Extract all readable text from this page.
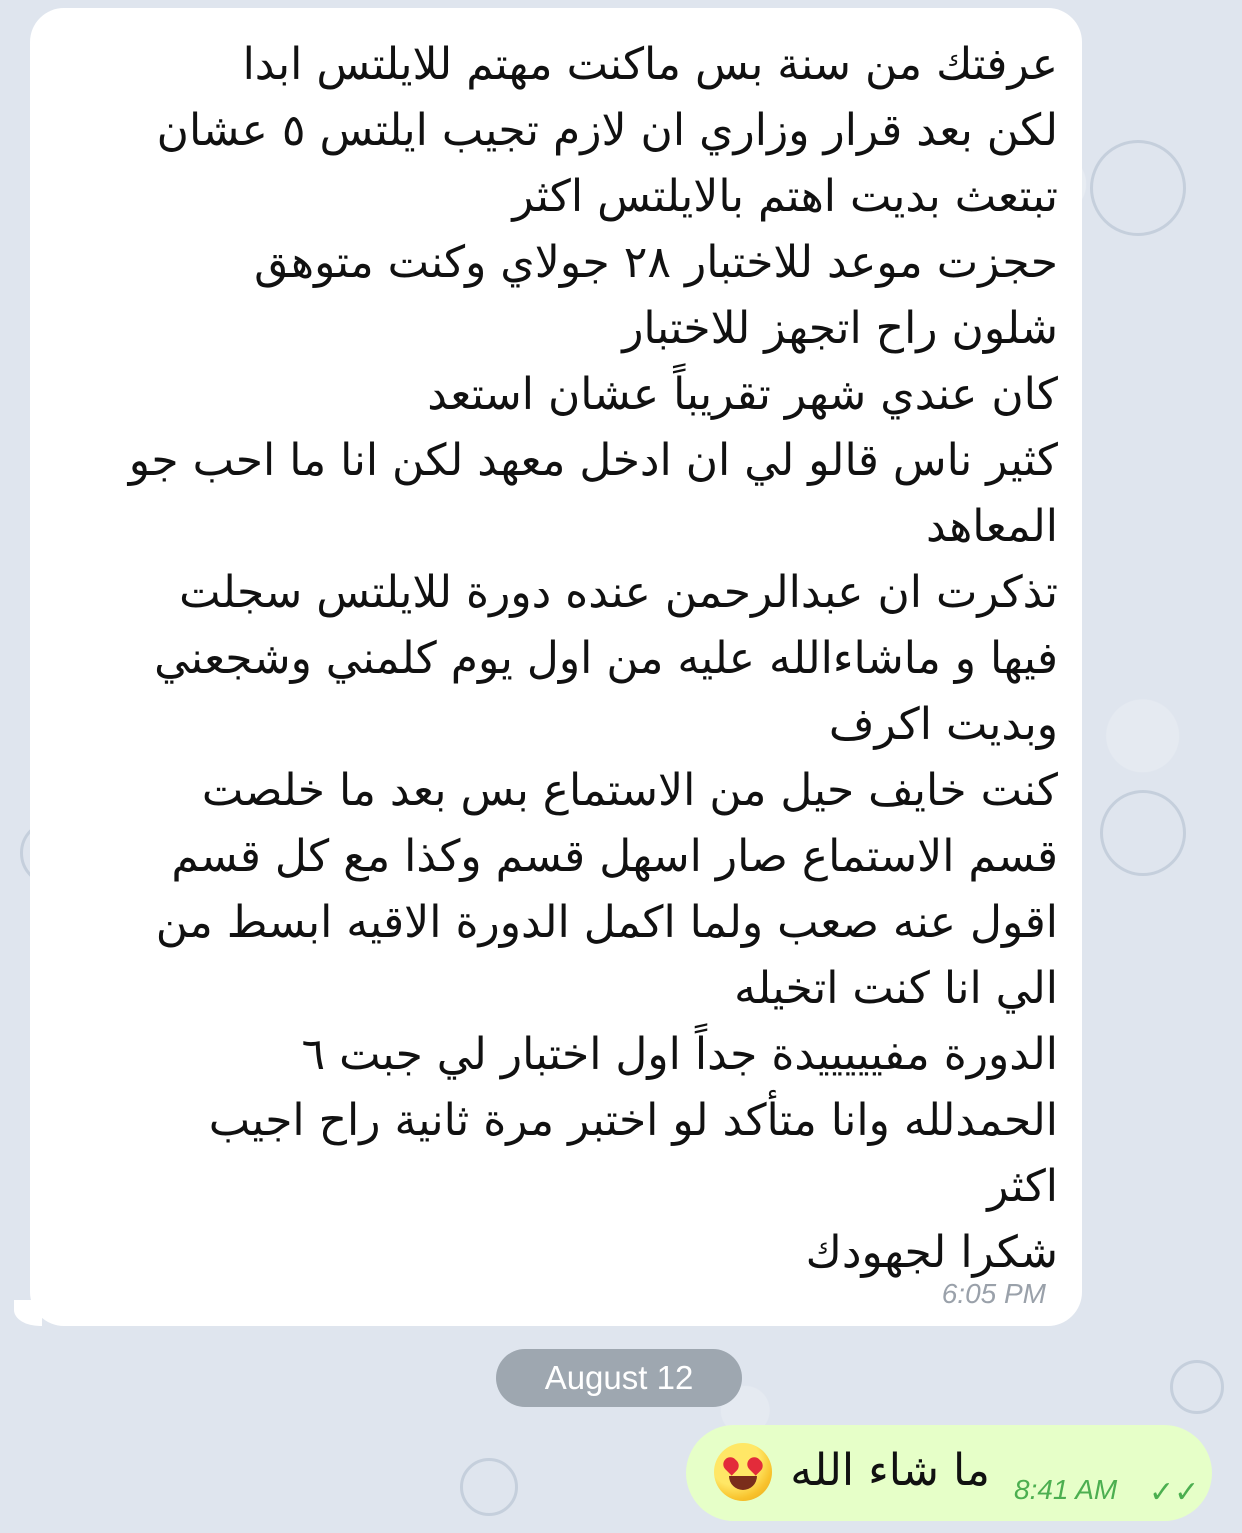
عرفتك من سنة بس ماكنت مهتم للايلتس ابدا
لكن بعد قرار وزاري ان لازم تجيب ايلتس ٥ عشان
تبتعث بديت اهتم بالايلتس اكثر
حجزت موعد للاختبار ٢٨ جولاي وكنت متوهق
شلون راح اتجهز للاختبار
كان عندي شهر تقريباً عشان استعد
كثير ناس قالو لي ان ادخل معهد لكن انا ما احب جو
المعاهد
تذكرت ان عبدالرحمن عنده دورة للايلتس سجلت
فيها و ماشاءالله عليه من اول يوم كلمني وشجعني
وبديت اكرف
كنت خايف حيل من الاستماع بس بعد ما خلصت
قسم الاستماع صار اسهل قسم وكذا مع كل قسم
اقول عنه صعب ولما اكمل الدورة الاقيه ابسط من
الي انا كنت اتخيله
الدورة مفيييييدة جداً اول اختبار لي جبت ٦
الحمدلله وانا متأكد لو اختبر مرة ثانية راح اجيب
اكثر
شكرا لجهودك
6:05 PM
August 12
ما شاء الله 8:41 AM ✓✓
